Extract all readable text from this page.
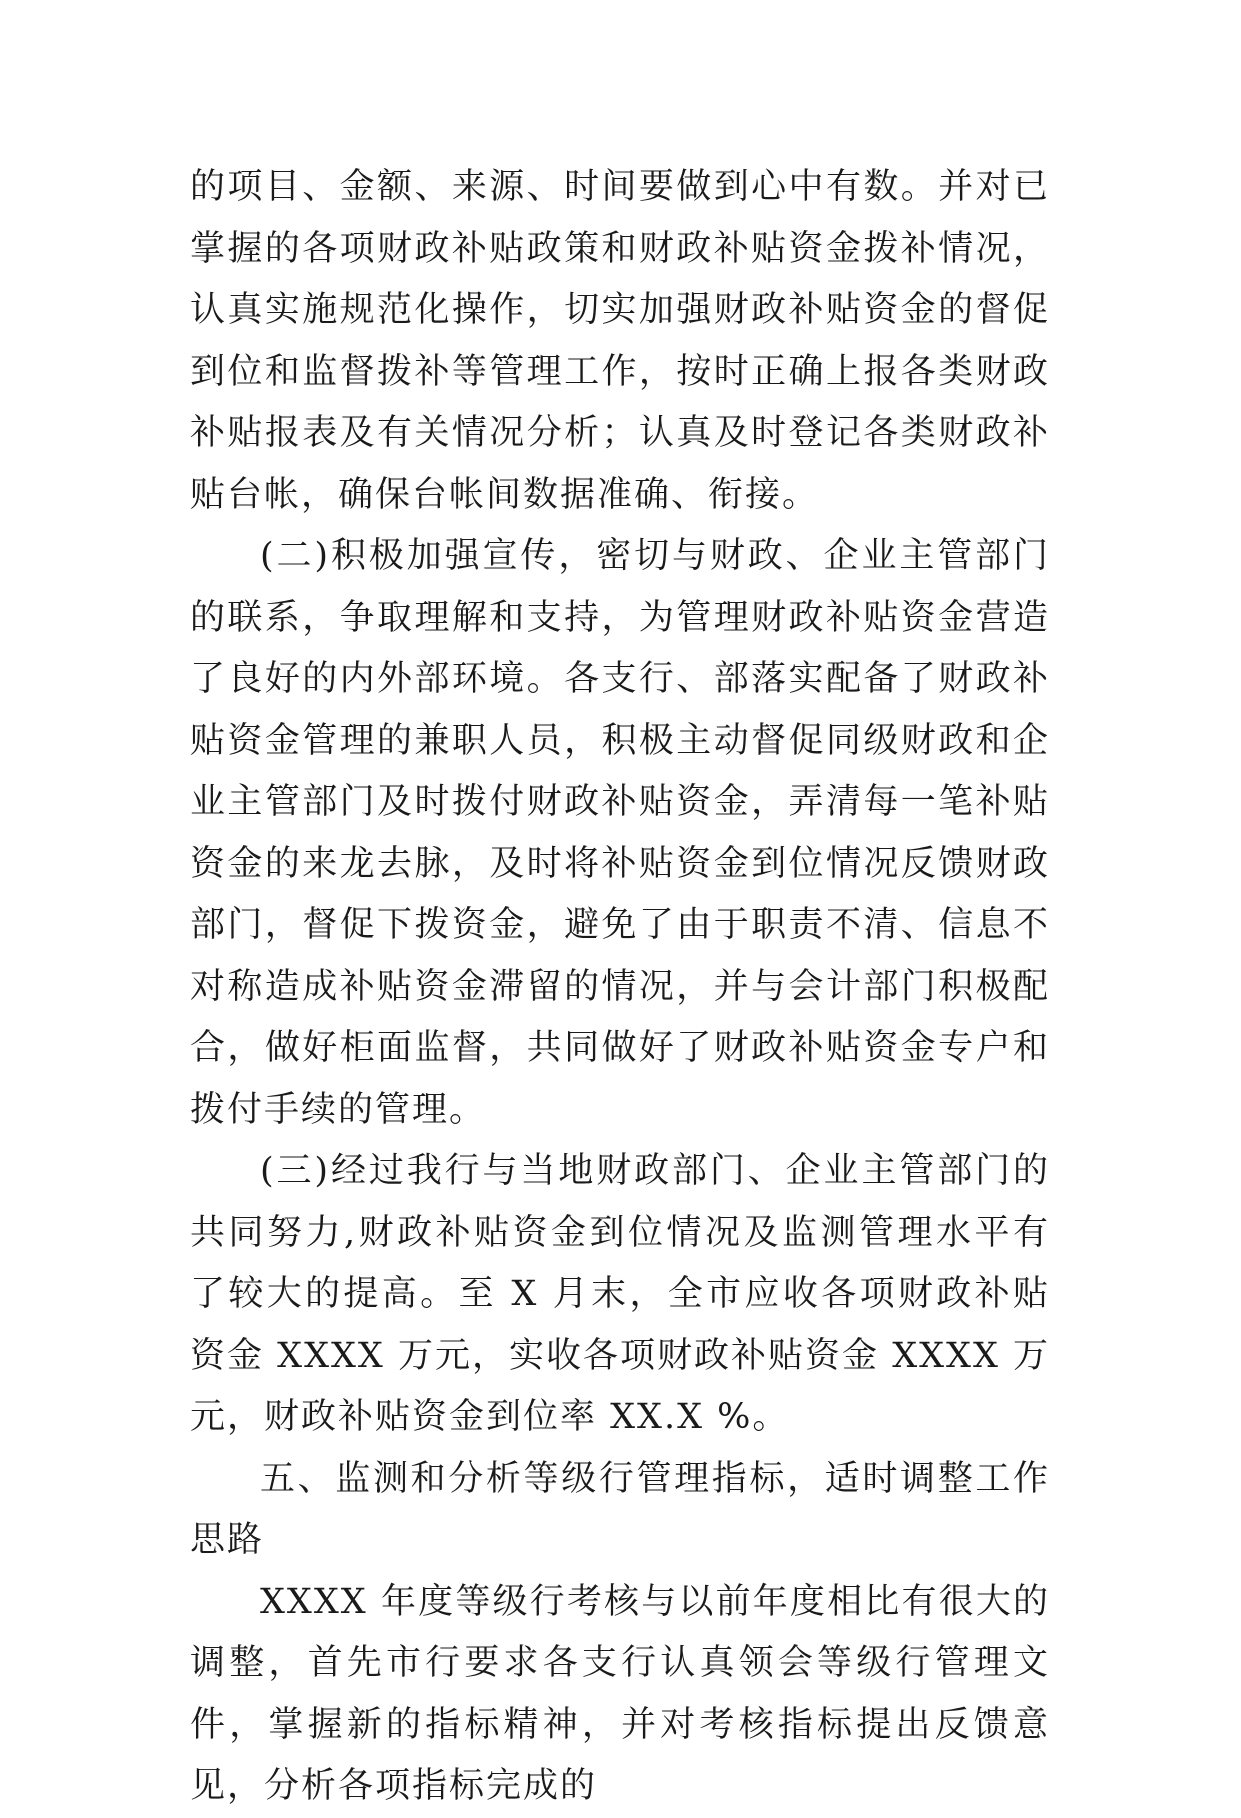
的项目、金额、来源、时间要做到心中有数。并对已掌握的各项财政补贴政策和财政补贴资金拨补情况，认真实施规范化操作，切实加强财政补贴资金的督促到位和监督拨补等管理工作，按时正确上报各类财政补贴报表及有关情况分析；认真及时登记各类财政补贴台帐，确保台帐间数据准确、衔接。

(二)积极加强宣传，密切与财政、企业主管部门的联系，争取理解和支持，为管理财政补贴资金营造了良好的内外部环境。各支行、部落实配备了财政补贴资金管理的兼职人员，积极主动督促同级财政和企业主管部门及时拨付财政补贴资金，弄清每一笔补贴资金的来龙去脉，及时将补贴资金到位情况反馈财政部门，督促下拨资金，避免了由于职责不清、信息不对称造成补贴资金滞留的情况，并与会计部门积极配合，做好柜面监督，共同做好了财政补贴资金专户和拨付手续的管理。

(三)经过我行与当地财政部门、企业主管部门的共同努力,财政补贴资金到位情况及监测管理水平有了较大的提高。至 X 月末，全市应收各项财政补贴资金 XXXX 万元，实收各项财政补贴资金 XXXX 万元，财政补贴资金到位率 XX.X %。

五、监测和分析等级行管理指标，适时调整工作思路

XXXX 年度等级行考核与以前年度相比有很大的调整，首先市行要求各支行认真领会等级行管理文件，掌握新的指标精神，并对考核指标提出反馈意见，分析各项指标完成的
